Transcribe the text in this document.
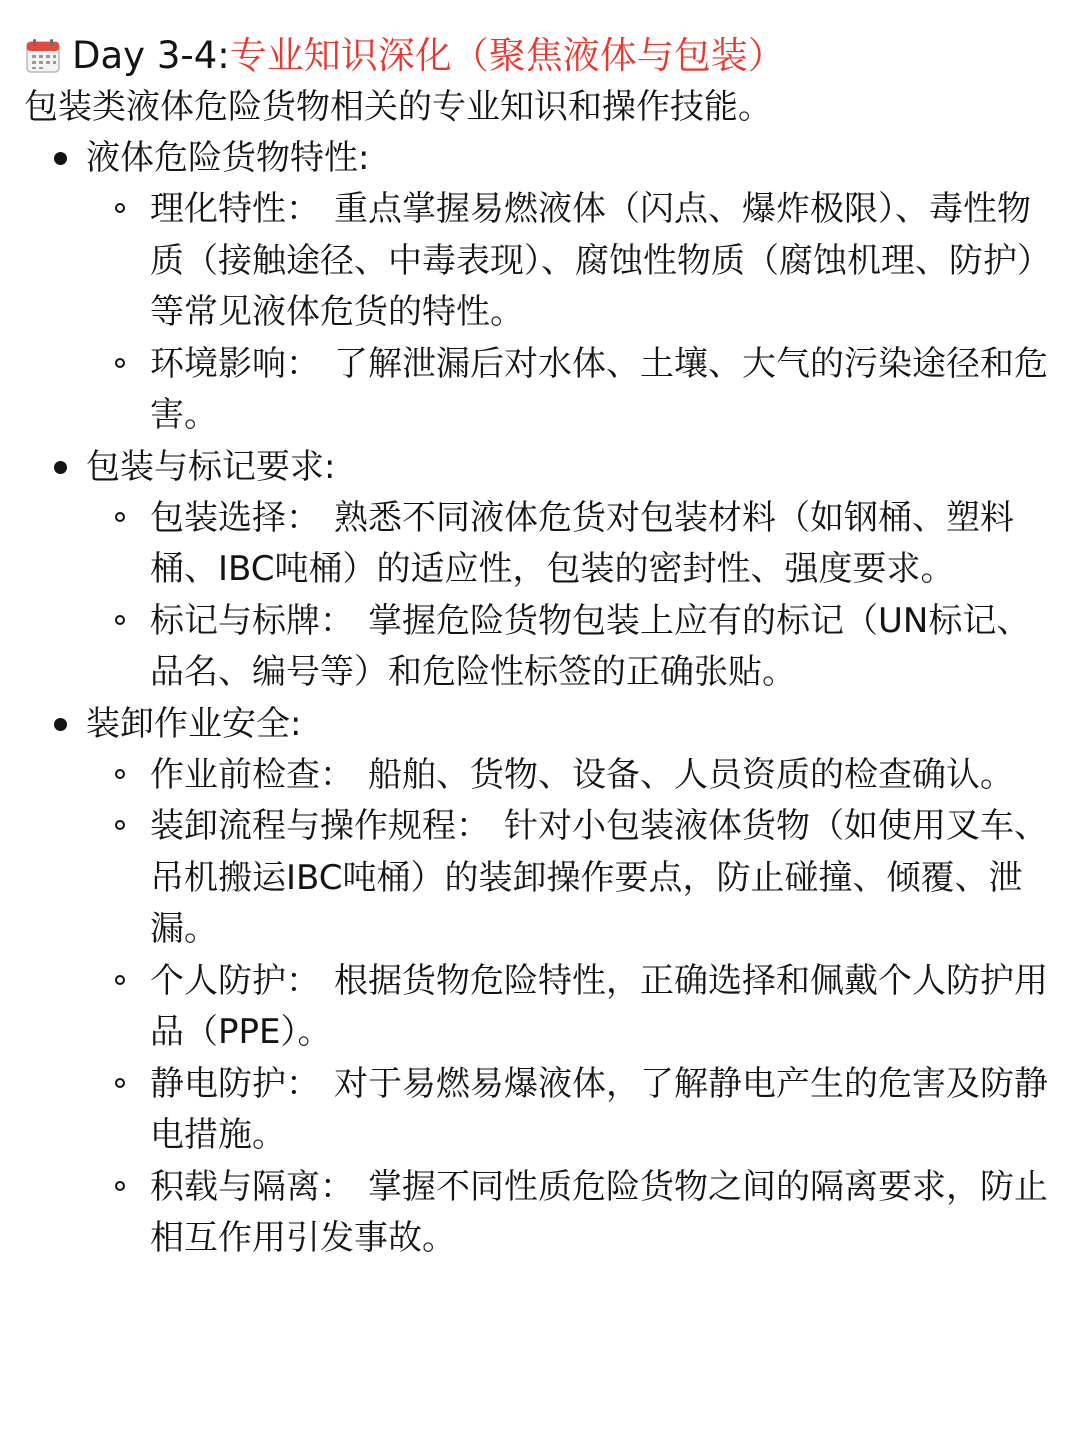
Day 3-4: 专业知识深化（聚焦液体与包装）
包装类液体危险货物相关的专业知识和操作技能。
液体危险货物特性:
理化特性： 重点掌握易燃液体（闪点、爆炸极限）、毒性物质（接触途径、中毒表现）、腐蚀性物质（腐蚀机理、防护）等常见液体危货的特性。
环境影响： 了解泄漏后对水体、土壤、大气的污染途径和危害。
包装与标记要求:
包装选择： 熟悉不同液体危货对包装材料（如钢桶、塑料桶、IBC吨桶）的适应性，包装的密封性、强度要求。
标记与标牌： 掌握危险货物包装上应有的标记（UN标记、品名、编号等）和危险性标签的正确张贴。
装卸作业安全:
作业前检查： 船舶、货物、设备、人员资质的检查确认。
装卸流程与操作规程： 针对小包装液体货物（如使用叉车、吊机搬运IBC吨桶）的装卸操作要点，防止碰撞、倾覆、泄漏。
个人防护： 根据货物危险特性，正确选择和佩戴个人防护用品（PPE）。
静电防护： 对于易燃易爆液体，了解静电产生的危害及防静电措施。
积载与隔离： 掌握不同性质危险货物之间的隔离要求，防止相互作用引发事故。
